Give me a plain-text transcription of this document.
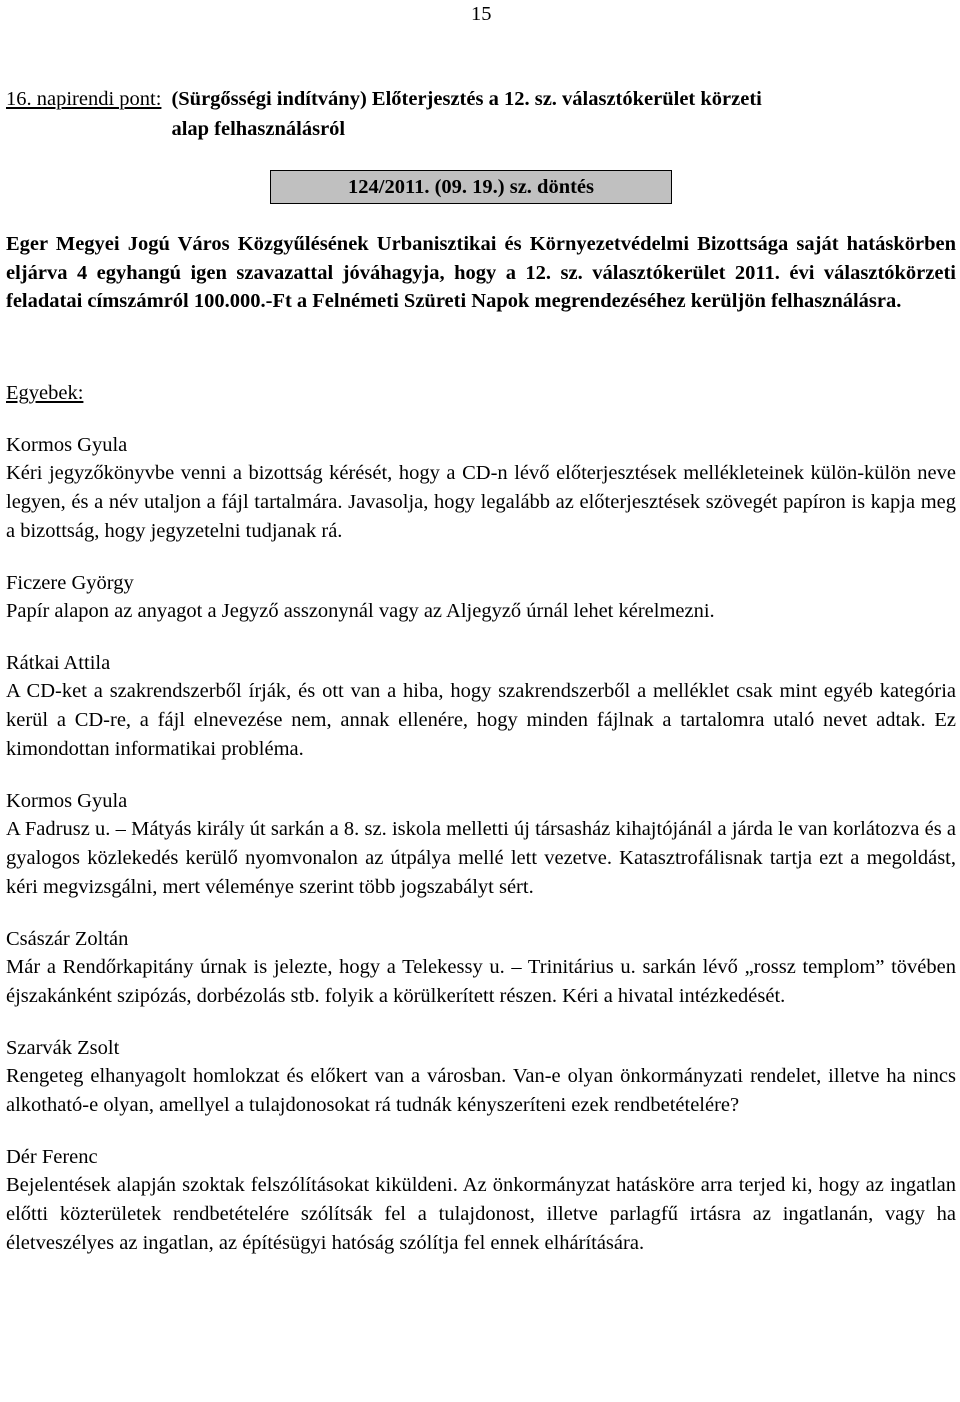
15
16. napirendi pont: (Sürgősségi indítvány) Előterjesztés a 12. sz. választókerület körzeti
alap felhasználásról
124/2011. (09. 19.) sz. döntés
Eger Megyei Jogú Város Közgyűlésének Urbanisztikai és Környezetvédelmi Bizottsága saját hatáskörben eljárva 4 egyhangú igen szavazattal jóváhagyja, hogy a 12. sz. választókerület 2011. évi választókörzeti feladatai címszámról 100.000.-Ft a Felnémeti Szüreti Napok megrendezéséhez kerüljön felhasználásra.

Egyebek:

Kormos Gyula

Kéri jegyzőkönyvbe venni a bizottság kérését, hogy a CD-n lévő előterjesztések mellékleteinek külön-külön neve legyen, és a név utaljon a fájl tartalmára. Javasolja, hogy legalább az előterjesztések szövegét papíron is kapja meg a bizottság, hogy jegyzetelni tudjanak rá.

Ficzere György

Papír alapon az anyagot a Jegyző asszonynál vagy az Aljegyző úrnál lehet kérelmezni.

Rátkai Attila

A CD-ket a szakrendszerből írják, és ott van a hiba, hogy szakrendszerből a melléklet csak mint egyéb kategória kerül a CD-re, a fájl elnevezése nem, annak ellenére, hogy minden fájlnak a tartalomra utaló nevet adtak. Ez kimondottan informatikai probléma.

Kormos Gyula

A Fadrusz u. – Mátyás király út sarkán a 8. sz. iskola melletti új társasház kihajtójánál a járda le van korlátozva és a gyalogos közlekedés kerülő nyomvonalon az útpálya mellé lett vezetve. Katasztrofálisnak tartja ezt a megoldást, kéri megvizsgálni, mert véleménye szerint több jogszabályt sért.

Császár Zoltán

Már a Rendőrkapitány úrnak is jelezte, hogy a Telekessy u. – Trinitárius u. sarkán lévő „rossz templom” tövében éjszakánként szipózás, dorbézolás stb. folyik a körülkerített részen. Kéri a hivatal intézkedését.

Szarvák Zsolt

Rengeteg elhanyagolt homlokzat és előkert van a városban. Van-e olyan önkormányzati rendelet, illetve ha nincs alkotható-e olyan, amellyel a tulajdonosokat rá tudnák kényszeríteni ezek rendbetételére?

Dér Ferenc

Bejelentések alapján szoktak felszólításokat kiküldeni. Az önkormányzat hatásköre arra terjed ki, hogy az ingatlan előtti közterületek rendbetételére szólítsák fel a tulajdonost, illetve parlagfű irtásra az ingatlanán, vagy ha életveszélyes az ingatlan, az építésügyi hatóság szólítja fel ennek elhárítására.
